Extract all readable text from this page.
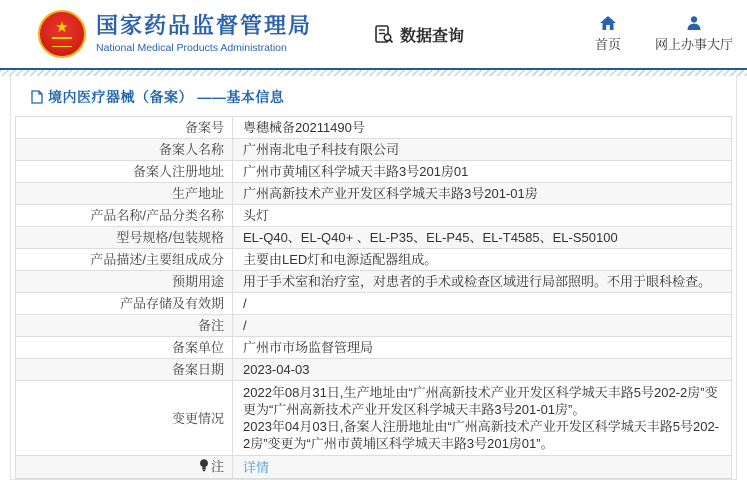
★ 国家药品监督管理局
National Medical Products Administration
数据查询	首页	网上办事大厅
境内医疗器械（备案） ——基本信息
备案号	粤穗械备20211490号
备案人名称	广州南北电子科技有限公司
备案人注册地址	广州市黄埔区科学城天丰路3号201房01
生产地址	广州高新技术产业开发区科学城天丰路3号201-01房
产品名称/产品分类名称	头灯
型号规格/包装规格	EL-Q40、EL-Q40+ 、EL-P35、EL-P45、EL-T4585、EL-S50100
产品描述/主要组成成分	主要由LED灯和电源适配器组成。
预期用途	用于手术室和治疗室，对患者的手术或检查区域进行局部照明。不用于眼科检查。
产品存储及有效期	/
备注	/
备案单位	广州市市场监督管理局
备案日期	2023-04-03
变更情况	2022年08月31日,生产地址由“广州高新技术产业开发区科学城天丰路5号202-2房”变更为“广州高新技术产业开发区科学城天丰路3号201-01房”。
2023年04月03日,备案人注册地址由“广州高新技术产业开发区科学城天丰路5号202-2房”变更为“广州市黄埔区科学城天丰路3号201房01”。

注	详情
